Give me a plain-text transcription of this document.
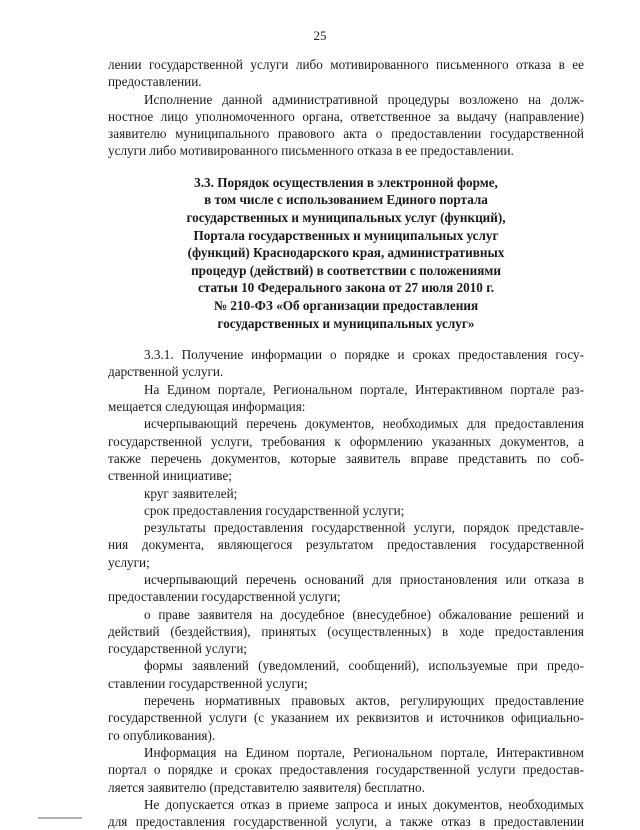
25
лении государственной услуги либо мотивированного письменного отказа в ее
предоставлении.
Исполнение данной административной процедуры возложено на долж-
ностное лицо уполномоченного органа, ответственное за выдачу (направление)
заявителю муниципального правового акта о предоставлении государственной
услуги либо мотивированного письменного отказа в ее предоставлении.
3.3. Порядок осуществления в электронной форме,
в том числе с использованием Единого портала
государственных и муниципальных услуг (функций),
Портала государственных и муниципальных услуг
(функций) Краснодарского края, административных
процедур (действий) в соответствии с положениями
статьи 10 Федерального закона от 27 июля 2010 г.
№ 210-ФЗ «Об организации предоставления
государственных и муниципальных услуг»
3.3.1. Получение информации о порядке и сроках предоставления госу-
дарственной услуги.
На Едином портале, Региональном портале, Интерактивном портале раз-
мещается следующая информация:
исчерпывающий перечень документов, необходимых для предоставления
государственной услуги, требования к оформлению указанных документов, а
также перечень документов, которые заявитель вправе представить по соб-
ственной инициативе;
круг заявителей;
срок предоставления государственной услуги;
результаты предоставления государственной услуги, порядок представле-
ния документа, являющегося результатом предоставления государственной
услуги;
исчерпывающий перечень оснований для приостановления или отказа в
предоставлении государственной услуги;
о праве заявителя на досудебное (внесудебное) обжалование решений и
действий (бездействия), принятых (осуществленных) в ходе предоставления
государственной услуги;
формы заявлений (уведомлений, сообщений), используемые при предо-
ставлении государственной услуги;
перечень нормативных правовых актов, регулирующих предоставление
государственной услуги (с указанием их реквизитов и источников официально-
го опубликования).
Информация на Едином портале, Региональном портале, Интерактивном
портал о порядке и сроках предоставления государственной услуги предостав-
ляется заявителю (представителю заявителя) бесплатно.
Не допускается отказ в приеме запроса и иных документов, необходимых
для предоставления государственной услуги, а также отказ в предоставлении
